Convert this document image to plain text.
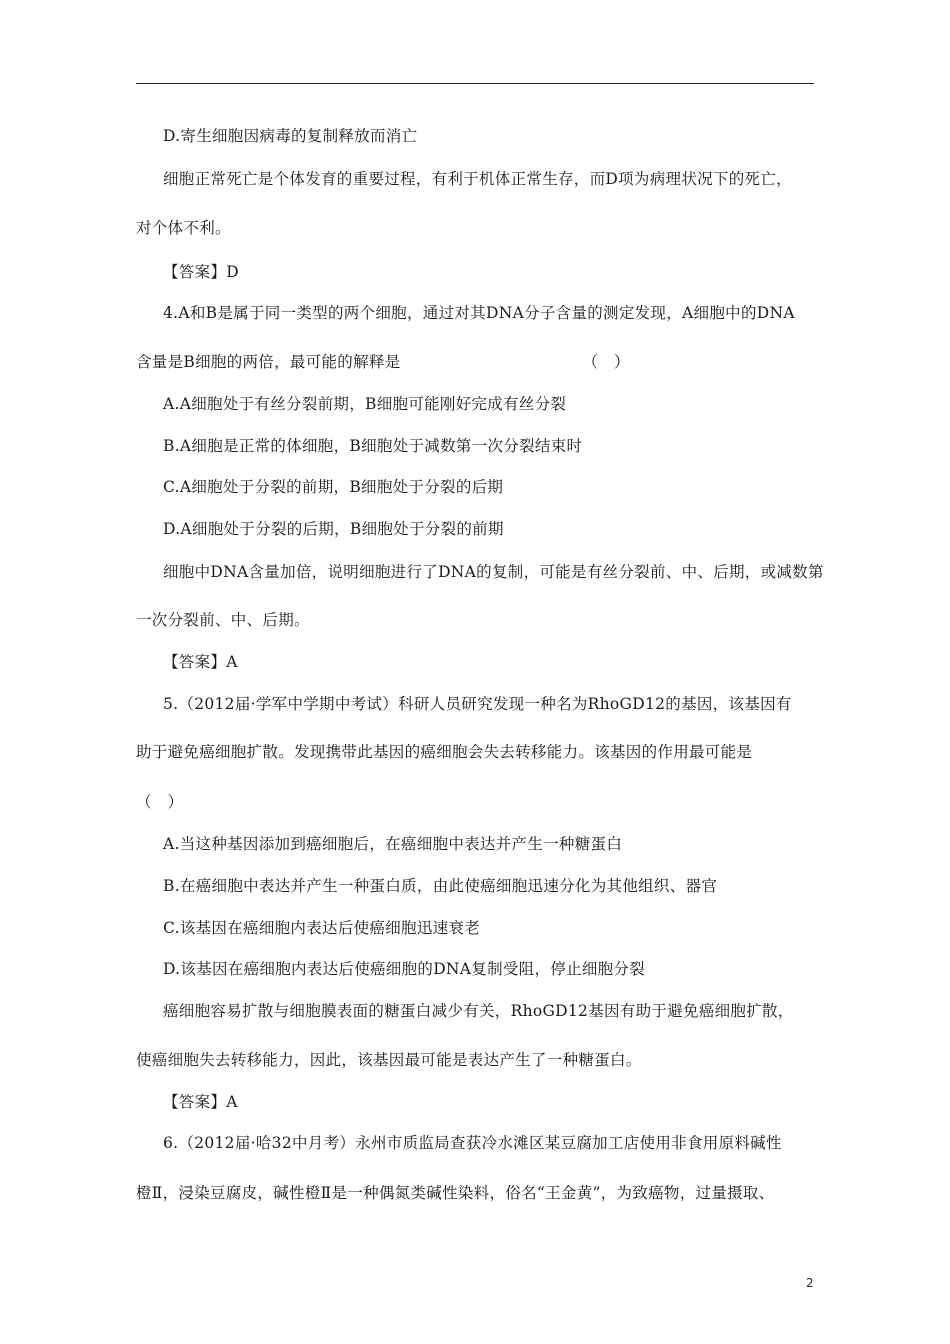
D.寄生细胞因病毒的复制释放而消亡
细胞正常死亡是个体发育的重要过程，有利于机体正常生存，而D项为病理状况下的死亡，
对个体不利。
【答案】D
4.A和B是属于同一类型的两个细胞，通过对其DNA分子含量的测定发现，A细胞中的DNA
含量是B细胞的两倍，最可能的解释是　　　　　　　　　　　　（　）
A.A细胞处于有丝分裂前期，B细胞可能刚好完成有丝分裂
B.A细胞是正常的体细胞，B细胞处于减数第一次分裂结束时
C.A细胞处于分裂的前期，B细胞处于分裂的后期
D.A细胞处于分裂的后期，B细胞处于分裂的前期
细胞中DNA含量加倍，说明细胞进行了DNA的复制，可能是有丝分裂前、中、后期，或减数第
一次分裂前、中、后期。
【答案】A
5.（2012届·学军中学期中考试）科研人员研究发现一种名为RhoGD12的基因，该基因有
助于避免癌细胞扩散。发现携带此基因的癌细胞会失去转移能力。该基因的作用最可能是
（　）
A.当这种基因添加到癌细胞后，在癌细胞中表达并产生一种糖蛋白
B.在癌细胞中表达并产生一种蛋白质，由此使癌细胞迅速分化为其他组织、器官
C.该基因在癌细胞内表达后使癌细胞迅速衰老
D.该基因在癌细胞内表达后使癌细胞的DNA复制受阻，停止细胞分裂
癌细胞容易扩散与细胞膜表面的糖蛋白减少有关，RhoGD12基因有助于避免癌细胞扩散，
使癌细胞失去转移能力，因此，该基因最可能是表达产生了一种糖蛋白。
【答案】A
6.（2012届·哈32中月考）永州市质监局查获冷水滩区某豆腐加工店使用非食用原料碱性
橙Ⅱ，浸染豆腐皮，碱性橙Ⅱ是一种偶氮类碱性染料，俗名“王金黄”，为致癌物，过量摄取、
2
